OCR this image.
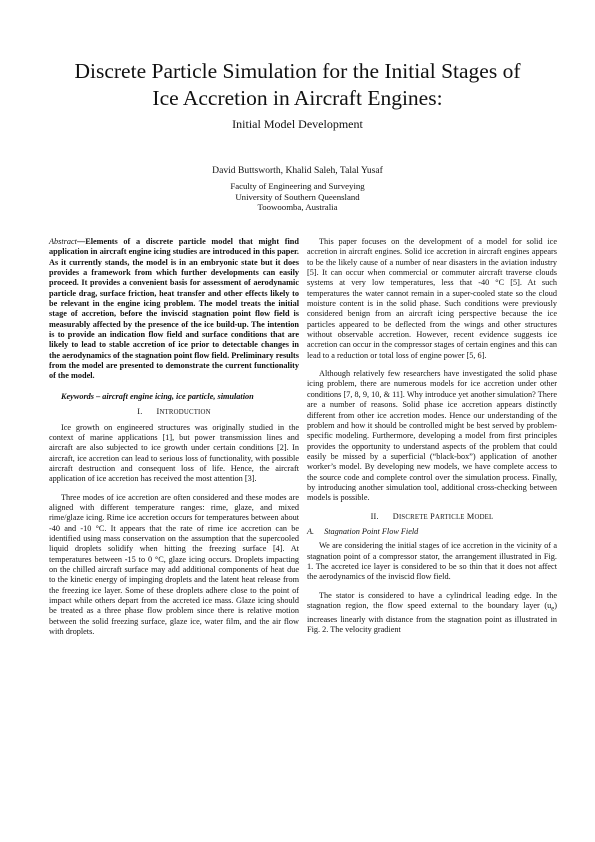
Discrete Particle Simulation for the Initial Stages of
Ice Accretion in Aircraft Engines:
Initial Model Development
David Buttsworth, Khalid Saleh, Talal Yusaf
Faculty of Engineering and Surveying
University of Southern Queensland
Toowoomba, Australia

Abstract—Elements of a discrete particle model that might find application in aircraft engine icing studies are introduced in this paper. As it currently stands, the model is in an embryonic state but it does provides a framework from which further developments can easily proceed. It provides a convenient basis for assessment of aerodynamic particle drag, surface friction, heat transfer and other effects likely to be relevant in the engine icing problem. The model treats the initial stage of accretion, before the inviscid stagnation point flow field is measurably affected by the presence of the ice build-up. The intention is to provide an indication flow field and surface conditions that are likely to lead to stable accretion of ice prior to detectable changes in the aerodynamics of the stagnation point flow field. Preliminary results from the model are presented to demonstrate the current functionality of the model.

Keywords – aircraft engine icing, ice particle, simulation

I. INTRODUCTION

Ice growth on engineered structures was originally studied in the context of marine applications [1], but power transmission lines and aircraft are also subjected to ice growth under certain conditions [2]. In aircraft, ice accretion can lead to serious loss of functionality, with possible aircraft destruction and consequent loss of life. Hence, the aircraft application of ice accretion has received the most attention [3].

Three modes of ice accretion are often considered and these modes are aligned with different temperature ranges: rime, glaze, and mixed rime/glaze icing. Rime ice accretion occurs for temperatures between about -40 and -10 °C. It appears that the rate of rime ice accretion can be identified using mass conservation on the assumption that the supercooled liquid droplets solidify when hitting the freezing surface [4]. At temperatures between -15 to 0 °C, glaze icing occurs. Droplets impacting on the chilled aircraft surface may add additional components of heat due to the kinetic energy of impinging droplets and the latent heat release from the freezing ice layer. Some of these droplets adhere close to the point of impact while others depart from the accreted ice mass. Glaze icing should be treated as a three phase flow problem since there is relative motion between the solid freezing surface, glaze ice, water film, and the air flow with droplets.

This paper focuses on the development of a model for solid ice accretion in aircraft engines. Solid ice accretion in aircraft engines appears to be the likely cause of a number of near disasters in the aviation industry [5]. It can occur when commercial or commuter aircraft traverse clouds systems at very low temperatures, less that -40 °C [5]. At such temperatures the water cannot remain in a super-cooled state so the cloud moisture content is in the solid phase. Such conditions were previously considered benign from an aircraft icing perspective because the ice particles appeared to be deflected from the wings and other structures without observable accretion. However, recent evidence suggests ice accretion can occur in the compressor stages of certain engines and this can lead to a reduction or total loss of engine power [5, 6].

Although relatively few researchers have investigated the solid phase icing problem, there are numerous models for ice accretion under other conditions [7, 8, 9, 10, & 11]. Why introduce yet another simulation? There are a number of reasons. Solid phase ice accretion appears distinctly different from other ice accretion modes. Hence our understanding of the problem and how it should be controlled might be best served by problem-specific modeling. Furthermore, developing a model from first principles provides the opportunity to understand aspects of the problem that could easily be missed by a superficial (“black-box”) application of another worker’s model. By developing new models, we have complete access to the source code and complete control over the simulation process. Finally, by introducing another simulation tool, additional cross-checking between models is possible.

II. DISCRETE PARTICLE MODEL
A. Stagnation Point Flow Field

We are considering the initial stages of ice accretion in the vicinity of a stagnation point of a compressor stator, the arrangement illustrated in Fig. 1. The accreted ice layer is considered to be so thin that it does not affect the aerodynamics of the inviscid flow field.

The stator is considered to have a cylindrical leading edge. In the stagnation region, the flow speed external to the boundary layer $(u_e)$ increases linearly with distance from the stagnation point as illustrated in Fig. 2. The velocity gradient
